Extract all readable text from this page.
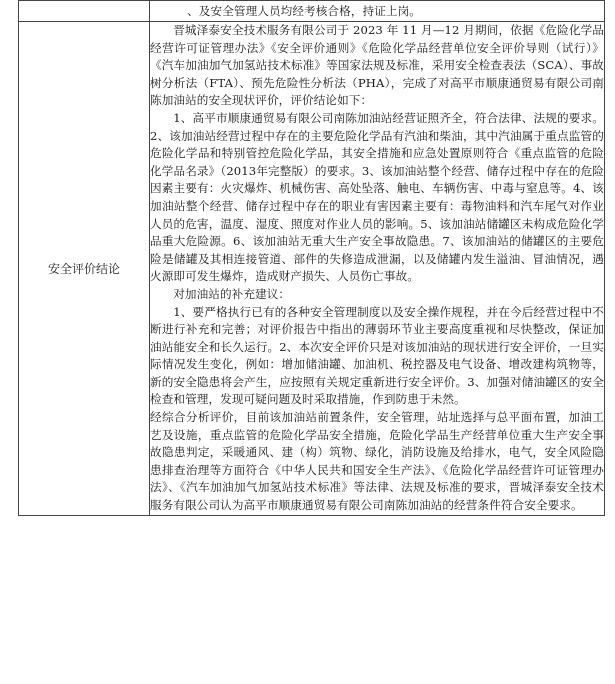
	、及安全管理人员均经考核合格，持证上岗。

安全评价结论	晋城泽泰安全技术服务有限公司于 2023 年 11 月—12 月期间，依据《危险化学品经营许可证管理办法》《安全评价通则》《危险化学品经营单位安全评价导则（试行）》《汽车加油加气加氢站技术标准》等国家法规及标准，采用安全检查表法（SCA）、事故树分析法（FTA）、预先危险性分析法（PHA），完成了对高平市顺康通贸易有限公司南陈加油站的安全现状评价，评价结论如下：

1、高平市顺康通贸易有限公司南陈加油站经营证照齐全，符合法律、法规的要求。2、该加油站经营过程中存在的主要危险化学品有汽油和柴油，其中汽油属于重点监管的危险化学品和特别管控危险化学品，其安全措施和应急处置原则符合《重点监管的危险化学品名录》（2013年完整版）的要求。3、该加油站整个经营、储存过程中存在的危险因素主要有：火灾爆炸、机械伤害、高处坠落、触电、车辆伤害、中毒与窒息等。4、该加油站整个经营、储存过程中存在的职业有害因素主要有：毒物油料和汽车尾气对作业人员的危害，温度、湿度、照度对作业人员的影响。5、该加油站储罐区未构成危险化学品重大危险源。6、该加油站无重大生产安全事故隐患。7、该加油站的储罐区的主要危险是储罐及其相连接管道、部件的失修造成泄漏，以及储罐内发生溢油、冒油情况，遇火源即可发生爆炸，造成财产损失、人员伤亡事故。

对加油站的补充建议：

1、要严格执行已有的各种安全管理制度以及安全操作规程，并在今后经营过程中不断进行补充和完善；对评价报告中指出的薄弱环节业主要高度重视和尽快整改，保证加油站能安全和长久运行。2、本次安全评价只是对该加油站的现状进行安全评价，一旦实际情况发生变化，例如：增加储油罐、加油机、税控器及电气设备、增改建构筑物等，新的安全隐患将会产生，应按照有关规定重新进行安全评价。3、加强对储油罐区的安全检查和管理，发现可疑问题及时采取措施，作到防患于未然。

经综合分析评价，目前该加油站前置条件，安全管理，站址选择与总平面布置，加油工艺及设施，重点监管的危险化学品安全措施，危险化学品生产经营单位重大生产安全事故隐患判定，采暖通风、建（构）筑物、绿化，消防设施及给排水，电气，安全风险隐患排查治理等方面符合《中华人民共和国安全生产法》、《危险化学品经营许可证管理办法》、《汽车加油加气加氢站技术标准》等法律、法规及标准的要求，晋城泽泰安全技术服务有限公司认为高平市顺康通贸易有限公司南陈加油站的经营条件符合安全要求。
